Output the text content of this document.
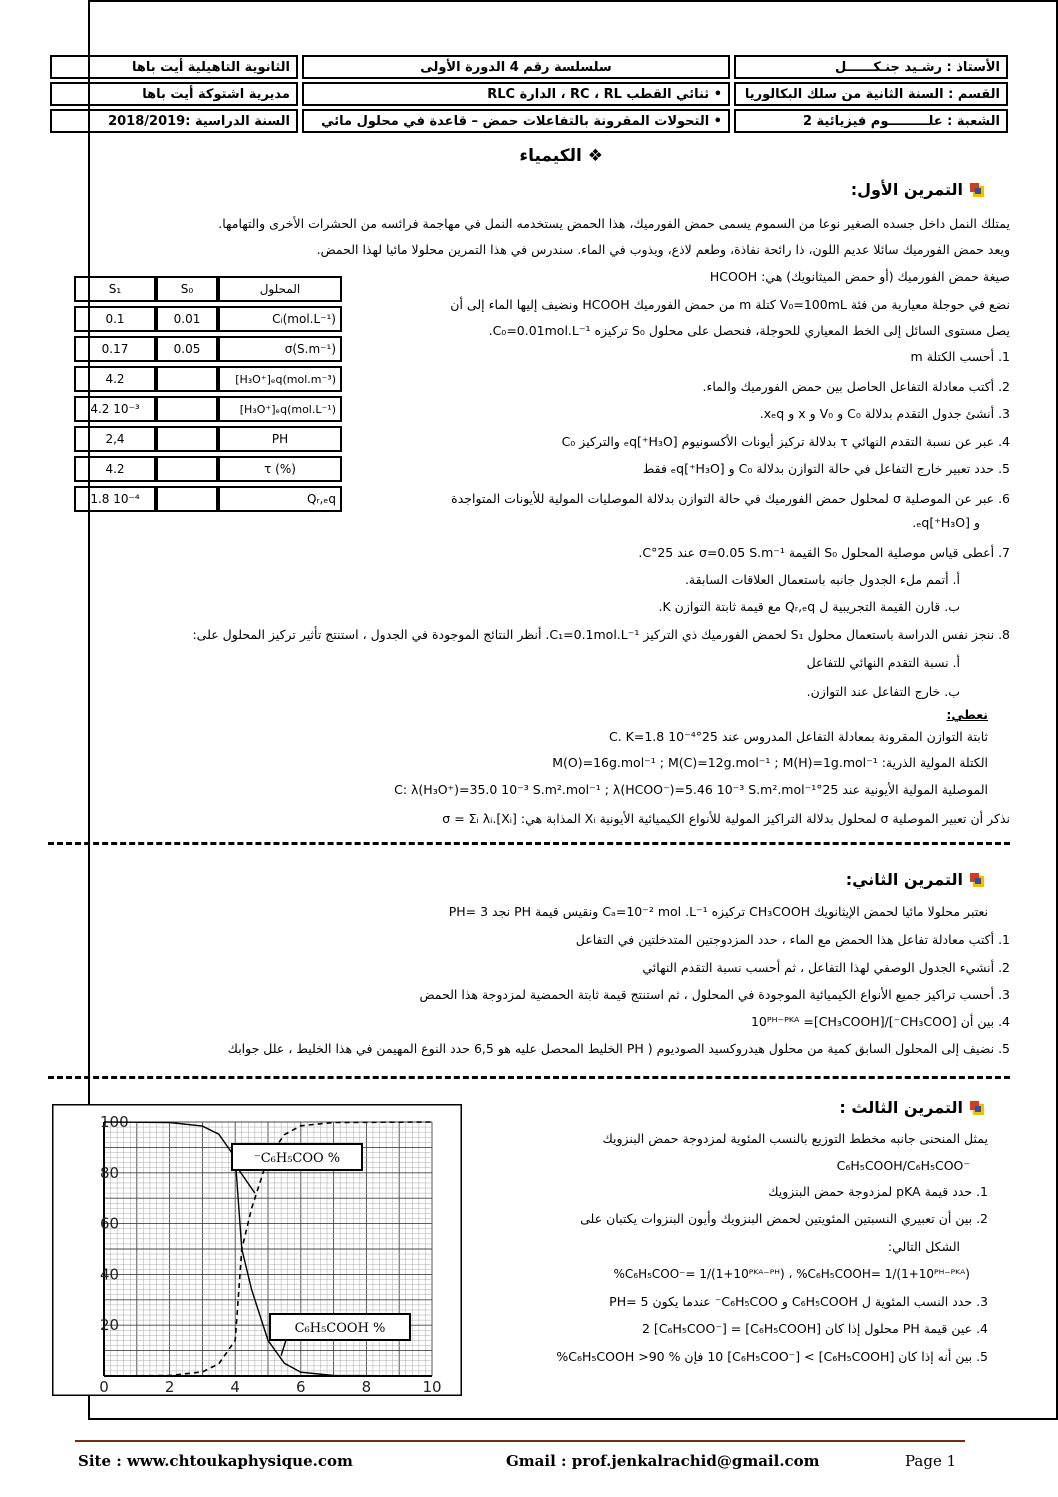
الأستاذ : رشـيد جنـكــــــل
سلسلسة رقم 4 الدورة الأولى
الثانوية التاهيلية أيت باها
القسم : السنة الثانية من سلك البكالوريا
• ثنائي القطب RC ، RL ، الدارة RLC
مديرية اشتوكة أيت باها
الشعبة : علـــــــــوم فيزيائية 2
• التحولات المقرونة بالتفاعلات حمض – قاعدة في محلول مائي
السنة الدراسية :2018/2019
❖ الكيمياء
التمرين الأول:
يمتلك النمل داخل جسده الصغير نوعا من السموم يسمى حمض الفورميك، هذا الحمض يستخدمه النمل في مهاجمة فرائسه من الحشرات الأخرى والتهامها.
ويعد حمض الفورميك سائلا عديم اللون، ذا رائحة نفاذة، وطعم لاذع، ويذوب في الماء. سندرس في هذا التمرين محلولا مائيا لهذا الحمض.
صيغة حمض الفورميك (أو حمض الميثانويك) هي: HCOOH
نضع في حوجلة معيارية من فئة V₀=100mL كتلة m من حمض الفورميك HCOOH ونضيف إليها الماء إلى أن
يصل مستوى السائل إلى الخط المعياري للحوجلة، فنحصل على محلول S₀ تركيزه C₀=0.01mol.L⁻¹.
1. أحسب الكتلة m
2. أكتب معادلة التفاعل الحاصل بين حمض الفورميك والماء.
3. أنشئ جدول التقدم بدلالة C₀ و V₀ و x و xₑq.
4. عبر عن نسبة التقدم النهائي τ بدلالة تركيز أيونات الأكسونيوم [H₃O⁺]ₑq والتركيز C₀
5. حدد تعبير خارج التفاعل في حالة التوازن بدلالة C₀ و [H₃O⁺]ₑq فقط
6. عبر عن الموصلية σ لمحلول حمض الفورميك في حالة التوازن بدلالة الموصليات المولية للأيونات المتواجدة
و [H₃O⁺]ₑq.
7. أعطى قياس موصلية المحلول S₀ القيمة σ=0.05 S.m⁻¹ عند 25°C.
أ. أتمم ملء الجدول جانبه باستعمال العلاقات السابقة.
ب. قارن القيمة التجريبية ل Qᵣ,ₑq مع قيمة ثابتة التوازن K.
8. ننجز نفس الدراسة باستعمال محلول S₁ لحمض الفورميك ذي التركيز C₁=0.1mol.L⁻¹. أنظر النتائج الموجودة في الجدول ، استنتج تأثير تركيز المحلول على:
أ. نسبة التقدم النهائي للتفاعل
ب. خارج التفاعل عند التوازن.
نعطي:
ثابتة التوازن المقرونة بمعادلة التفاعل المدروس عند 25°C. K=1.8 10⁻⁴
الكتلة المولية الذرية: M(O)=16g.mol⁻¹ ; M(C)=12g.mol⁻¹ ; M(H)=1g.mol⁻¹
الموصلية المولية الأيونية عند 25°C: λ(H₃O⁺)=35.0 10⁻³ S.m².mol⁻¹ ; λ(HCOO⁻)=5.46 10⁻³ S.m².mol⁻¹
نذكر أن تعبير الموصلية σ لمحلول بدلالة التراكيز المولية للأنواع الكيميائية الأيونية Xᵢ المذابة هي: σ = Σᵢ λᵢ.[Xᵢ]
S₁	S₀	المحلول
0.1	0.01	Cᵢ(mol.L⁻¹)
0.17	0.05	σ(S.m⁻¹)
4.2		[H₃O⁺]ₑq(mol.m⁻³)
4.2 10⁻³		[H₃O⁺]ₑq(mol.L⁻¹)
2,4		PH
4.2		τ (%)
1.8 10⁻⁴		Qᵣ,ₑq
التمرين الثاني:
نعتبر محلولا مائيا لحمض الإيثانويك CH₃COOH تركيزه Cₐ=10⁻² mol .L⁻¹ ونقيس قيمة PH نجد PH= 3
1. أكتب معادلة تفاعل هذا الحمض مع الماء ، حدد المزدوجتين المتدخلتين في التفاعل
2. أنشيء الجدول الوصفي لهذا التفاعل ، ثم أحسب نسبة التقدم النهائي
3. أحسب تراكيز جميع الأنواع الكيميائية الموجودة في المحلول ، ثم استنتج قيمة ثابتة الحمضية لمزدوجة هذا الحمض
4. بين أن [CH₃COO⁻]/[CH₃COOH]= 10ᴾᴴ⁻ᴾᴷᴬ
5. نضيف إلى المحلول السابق كمية من محلول هيدروكسيد الصوديوم ( PH الخليط المحصل عليه هو 6,5 حدد النوع المهيمن في هذا الخليط ، علل جوابك
التمرين الثالث :
يمثل المنحنى جانبه مخطط التوزيع بالنسب المئوية لمزدوجة حمض البنزويك
C₆H₅COOH/C₆H₅COO⁻
1. حدد قيمة pKA لمزدوجة حمض البنزويك
2. بين أن تعبيري النسبتين المئويتين لحمض البنزويك وأيون البنزوات يكتبان على
الشكل التالي:
%C₆H₅COO⁻= 1/(1+10ᴾᴷᴬ⁻ᴾᴴ) ، %C₆H₅COOH= 1/(1+10ᴾᴴ⁻ᴾᴷᴬ)
3. حدد النسب المئوية ل C₆H₅COOH و C₆H₅COO⁻ عندما يكون PH= 5
4. عين قيمة PH محلول إذا كان [C₆H₅COOH] = 2 [C₆H₅COO⁻]
5. بين أنه إذا كان [C₆H₅COOH] > 10 [C₆H₅COO⁻] فإن % 90< C₆H₅COOH%
0	2	4	6	8	10
100
80
60
40
20
% C₆H₅COO⁻
% C₆H₅COOH
Site : www.chtoukaphysique.com	Gmail : prof.jenkalrachid@gmail.com	Page 1
